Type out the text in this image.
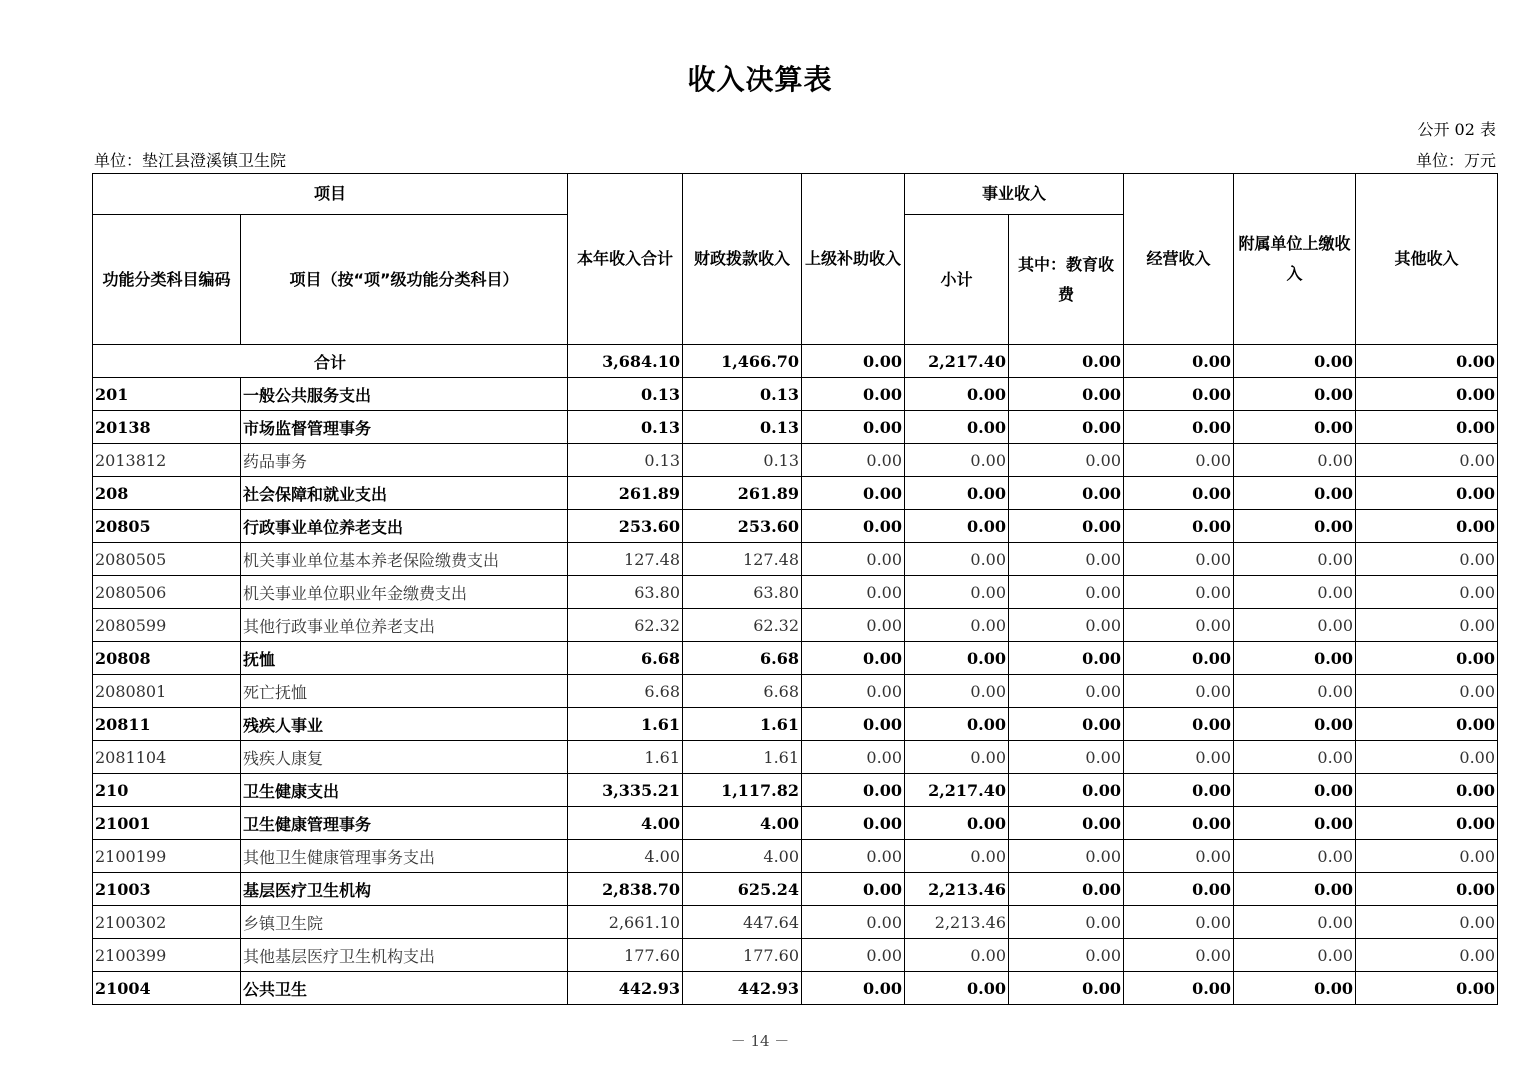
收入决算表
公开 02 表
单位：垫江县澄溪镇卫生院	单位：万元
项目		本年收入合计	财政拨款收入	上级补助收入	事业收入		经营收入	附属单位上缴收入	其他收入
功能分类科目编码	项目（按“项”级功能分类科目）				小计	其中：教育收费			
合计		3,684.10	1,466.70	0.00	2,217.40	0.00	0.00	0.00	0.00
201	一般公共服务支出	0.13	0.13	0.00	0.00	0.00	0.00	0.00	0.00
20138	市场监督管理事务	0.13	0.13	0.00	0.00	0.00	0.00	0.00	0.00
2013812	药品事务	0.13	0.13	0.00	0.00	0.00	0.00	0.00	0.00
208	社会保障和就业支出	261.89	261.89	0.00	0.00	0.00	0.00	0.00	0.00
20805	行政事业单位养老支出	253.60	253.60	0.00	0.00	0.00	0.00	0.00	0.00
2080505	机关事业单位基本养老保险缴费支出	127.48	127.48	0.00	0.00	0.00	0.00	0.00	0.00
2080506	机关事业单位职业年金缴费支出	63.80	63.80	0.00	0.00	0.00	0.00	0.00	0.00
2080599	其他行政事业单位养老支出	62.32	62.32	0.00	0.00	0.00	0.00	0.00	0.00
20808	抚恤	6.68	6.68	0.00	0.00	0.00	0.00	0.00	0.00
2080801	死亡抚恤	6.68	6.68	0.00	0.00	0.00	0.00	0.00	0.00
20811	残疾人事业	1.61	1.61	0.00	0.00	0.00	0.00	0.00	0.00
2081104	残疾人康复	1.61	1.61	0.00	0.00	0.00	0.00	0.00	0.00
210	卫生健康支出	3,335.21	1,117.82	0.00	2,217.40	0.00	0.00	0.00	0.00
21001	卫生健康管理事务	4.00	4.00	0.00	0.00	0.00	0.00	0.00	0.00
2100199	其他卫生健康管理事务支出	4.00	4.00	0.00	0.00	0.00	0.00	0.00	0.00
21003	基层医疗卫生机构	2,838.70	625.24	0.00	2,213.46	0.00	0.00	0.00	0.00
2100302	乡镇卫生院	2,661.10	447.64	0.00	2,213.46	0.00	0.00	0.00	0.00
2100399	其他基层医疗卫生机构支出	177.60	177.60	0.00	0.00	0.00	0.00	0.00	0.00
21004	公共卫生	442.93	442.93	0.00	0.00	0.00	0.00	0.00	0.00
－ 14 －
